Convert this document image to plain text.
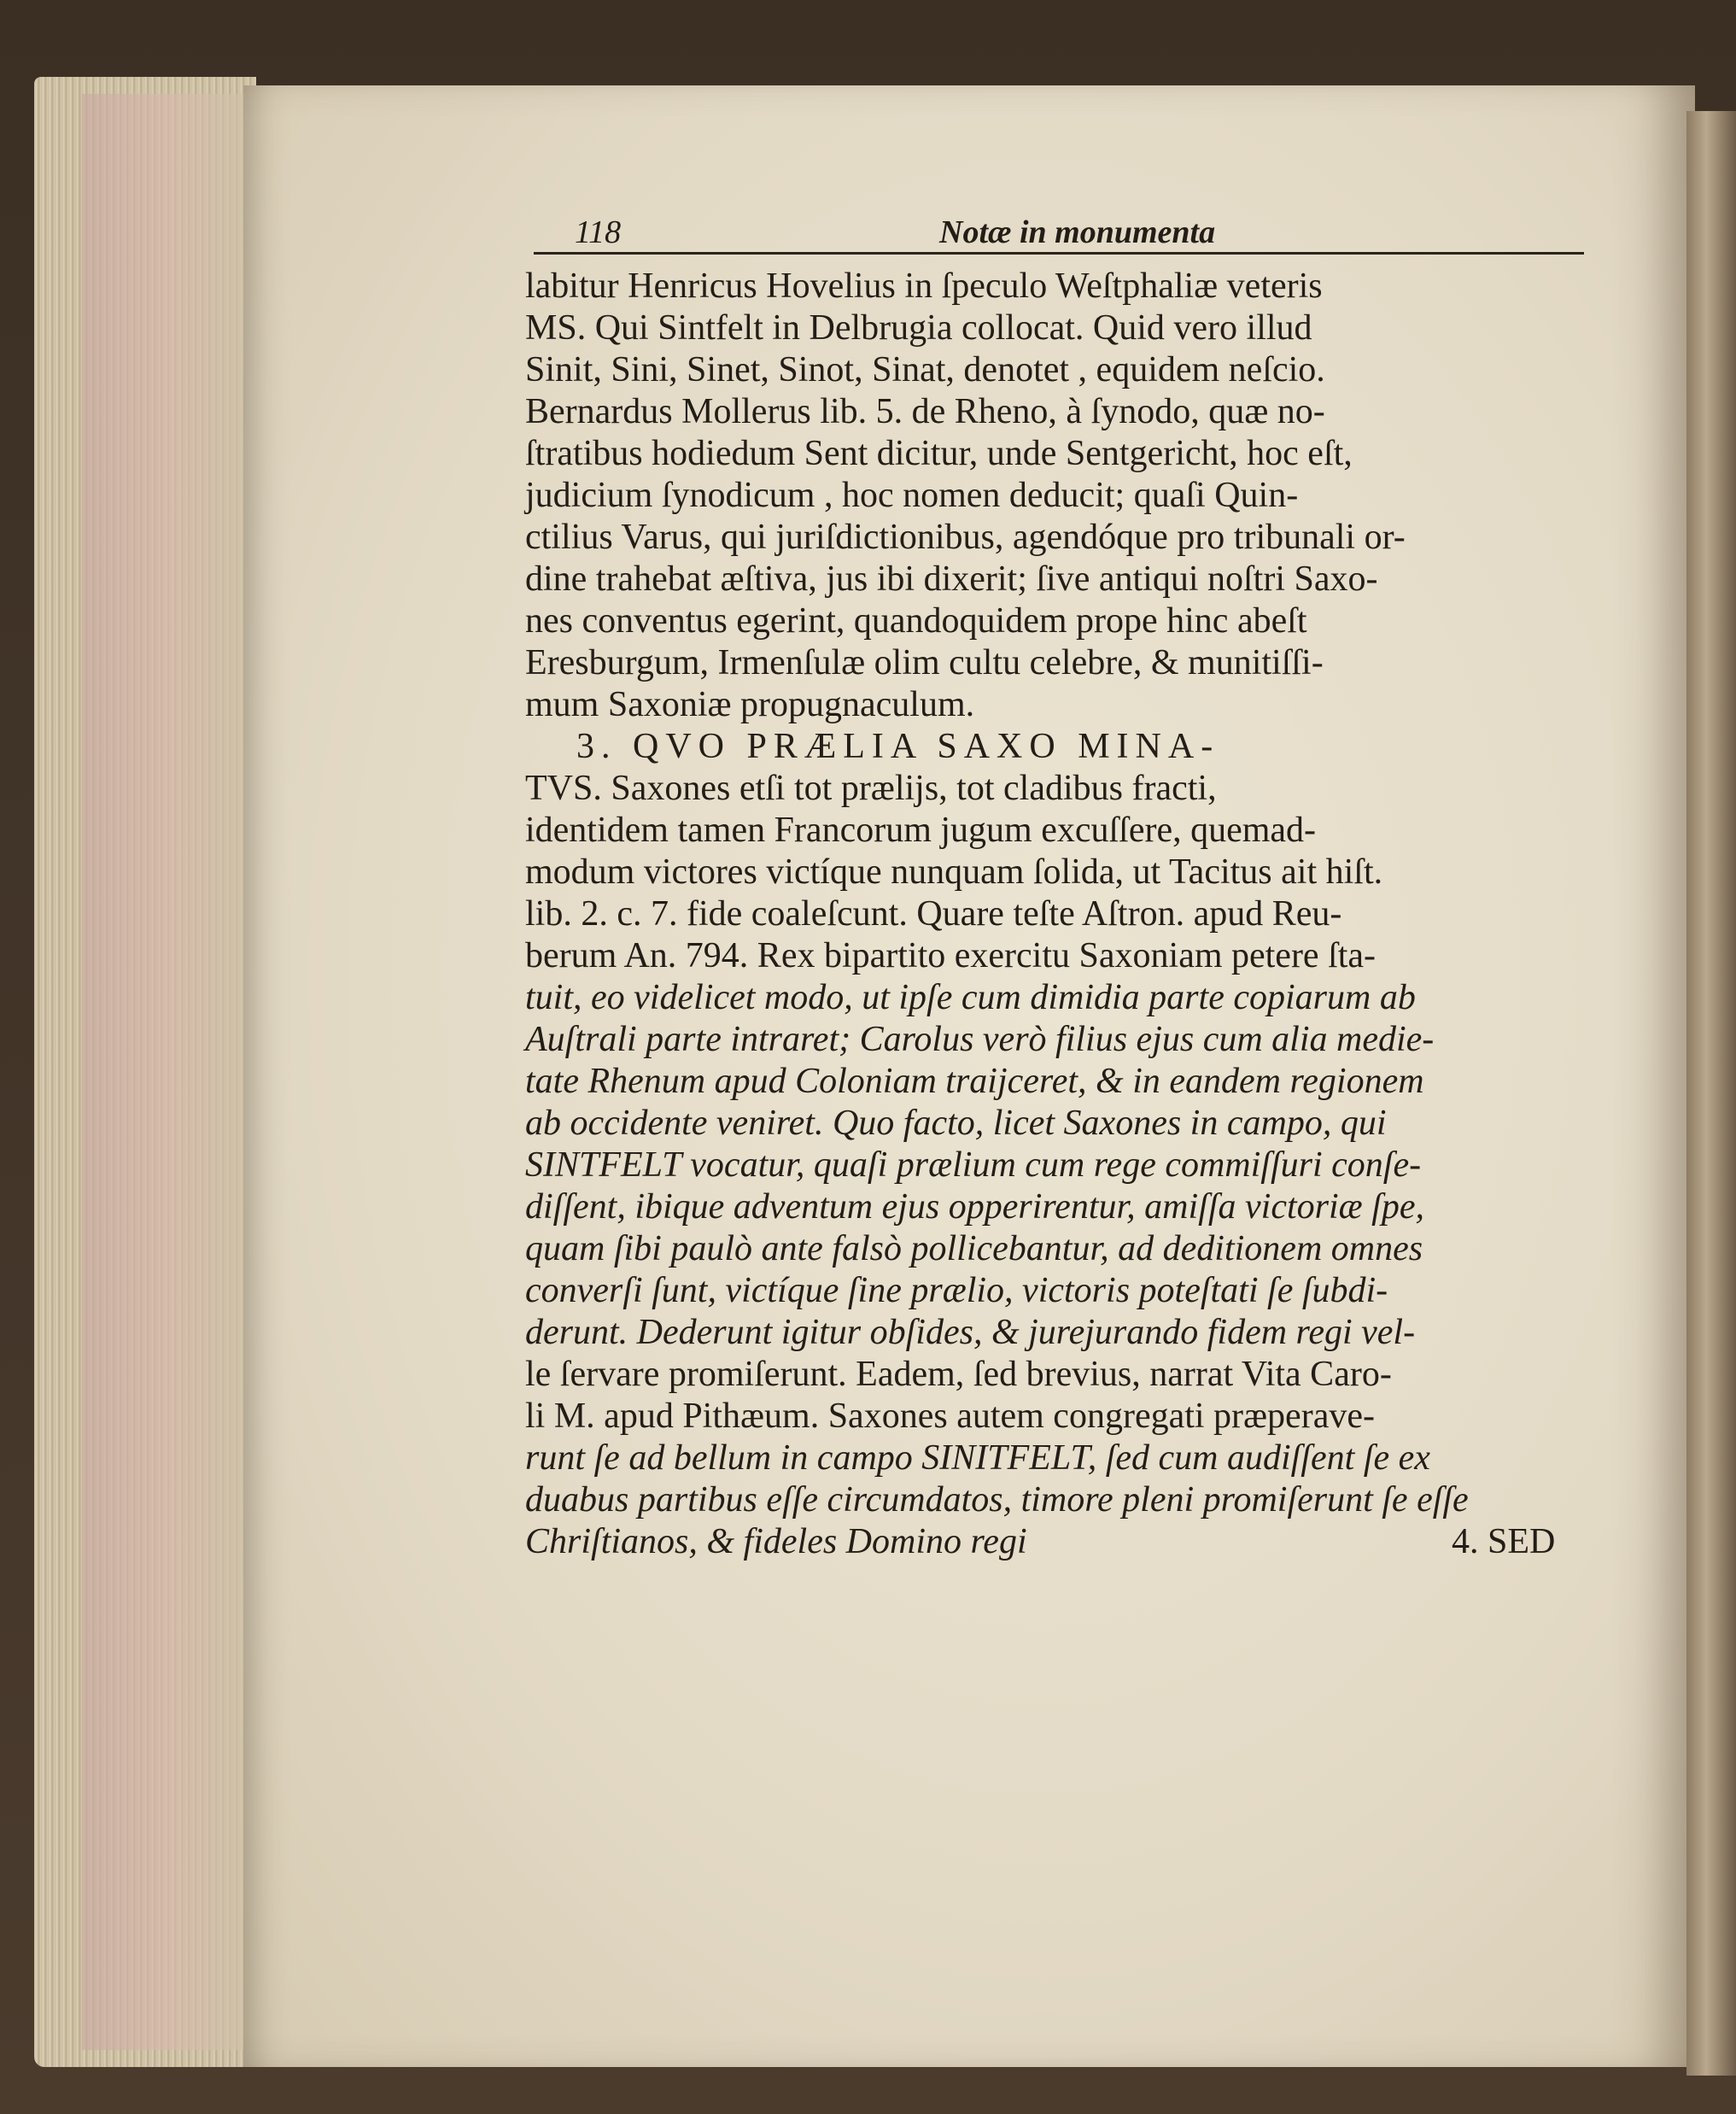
118	Notæ in monumenta
labitur Henricus Hovelius in ſpeculo Weſtphaliæ veteris
MS. Qui Sintfelt in Delbrugia collocat. Quid vero illud
Sinit, Sini, Sinet, Sinot, Sinat, denotet , equidem neſcio.
Bernardus Mollerus lib. 5. de Rheno, à ſynodo, quæ no-
ſtratibus hodiedum Sent dicitur, unde Sentgericht, hoc eſt,
judicium ſynodicum , hoc nomen deducit; quaſi Quin-
ctilius Varus, qui juriſdictionibus, agendóque pro tribunali or-
dine trahebat æſtiva, jus ibi dixerit; ſive antiqui noſtri Saxo-
nes conventus egerint, quandoquidem prope hinc abeſt
Eresburgum, Irmenſulæ olim cultu celebre, & munitiſſi-
mum Saxoniæ propugnaculum.
3. QVO PRÆLIA SAXO MINA-
TVS. Saxones etſi tot prælijs, tot cladibus fracti,
identidem tamen Francorum jugum excuſſere, quemad-
modum victores victíque nunquam ſolida, ut Tacitus ait hiſt.
lib. 2. c. 7. fide coaleſcunt. Quare teſte Aſtron. apud Reu-
berum An. 794. Rex bipartito exercitu Saxoniam petere ſta-
tuit, eo videlicet modo, ut ipſe cum dimidia parte copiarum ab
Auſtrali parte intraret; Carolus verò filius ejus cum alia medie-
tate Rhenum apud Coloniam traijceret, & in eandem regionem
ab occidente veniret. Quo facto, licet Saxones in campo, qui
SINTFELT vocatur, quaſi prælium cum rege commiſſuri conſe-
diſſent, ibique adventum ejus opperirentur, amiſſa victoriæ ſpe,
quam ſibi paulò ante falsò pollicebantur, ad deditionem omnes
converſi ſunt, victíque ſine prælio, victoris poteſtati ſe ſubdi-
derunt. Dederunt igitur obſides, & jurejurando fidem regi vel-
le ſervare promiſerunt. Eadem, ſed brevius, narrat Vita Caro-
li M. apud Pithæum. Saxones autem congregati præperave-
runt ſe ad bellum in campo SINITFELT, ſed cum audiſſent ſe ex
duabus partibus eſſe circumdatos, timore pleni promiſerunt ſe eſſe
Chriſtianos, & fideles Domino regi	4. SED
